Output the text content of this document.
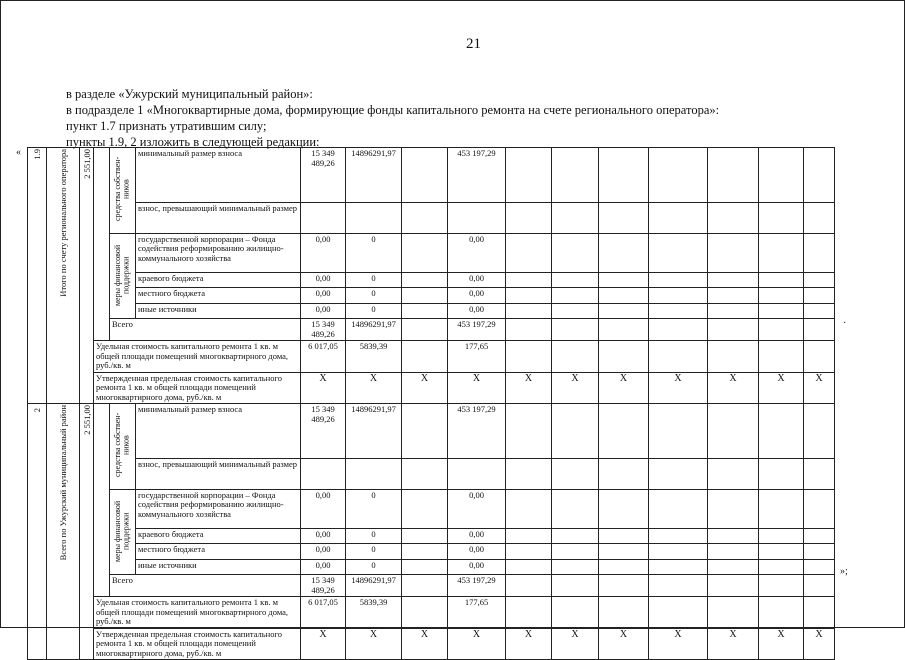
21
в разделе «Ужурский муниципальный район»:
в подразделе 1 «Многоквартирные дома, формирующие фонды капитального ремонта на счете регионального оператора»:
пункт 1.7 признать утратившим силу;
пункты 1.9, 2 изложить в следующей редакции:
«
·
1.9	Итого по счету регионального оператора	2 551,00		средства собствен-ников	минимальный размер взноса	15 349 489,26	14896291,97		453 197,29							
					взнос, превышающий минимальный размер											
				меры финансовой поддержки	государственной корпорации – Фонда содействия реформированию жилищно-коммунального хозяйства	0,00	0		0,00							
					краевого бюджета	0,00	0		0,00							
					местного бюджета	0,00	0		0,00							
					иные источники	0,00	0		0,00							
				Всего		15 349 489,26	14896291,97		453 197,29							
			Удельная стоимость капитального ремонта 1 кв. м общей площади помещений многоквартирного дома, руб./кв. м			6 017,05	5839,39		177,65							
			Утвержденная предельная стоимость капитального ремонта 1 кв. м общей площади помещений многоквартирного дома, руб./кв. м			X	X	X	X	X	X	X	X	X	X	X
2	Всего по Ужурский муниципальный район	2 551,00		средства собствен-ников	минимальный размер взноса	15 349 489,26	14896291,97		453 197,29							
					взнос, превышающий минимальный размер											
				меры финансовой поддержки	государственной корпорации – Фонда содействия реформированию жилищно-коммунального хозяйства	0,00	0		0,00							
					краевого бюджета	0,00	0		0,00							
					местного бюджета	0,00	0		0,00							
					иные источники	0,00	0		0,00							
				Всего		15 349 489,26	14896291,97		453 197,29							
			Удельная стоимость капитального ремонта 1 кв. м общей площади помещений многоквартирного дома, руб./кв. м			6 017,05	5839,39		177,65							
			Утвержденная предельная стоимость капитального ремонта 1 кв. м общей площади помещений многоквартирного дома, руб./кв. м			X	X	X	X	X	X	X	X	X	X	X
»;
